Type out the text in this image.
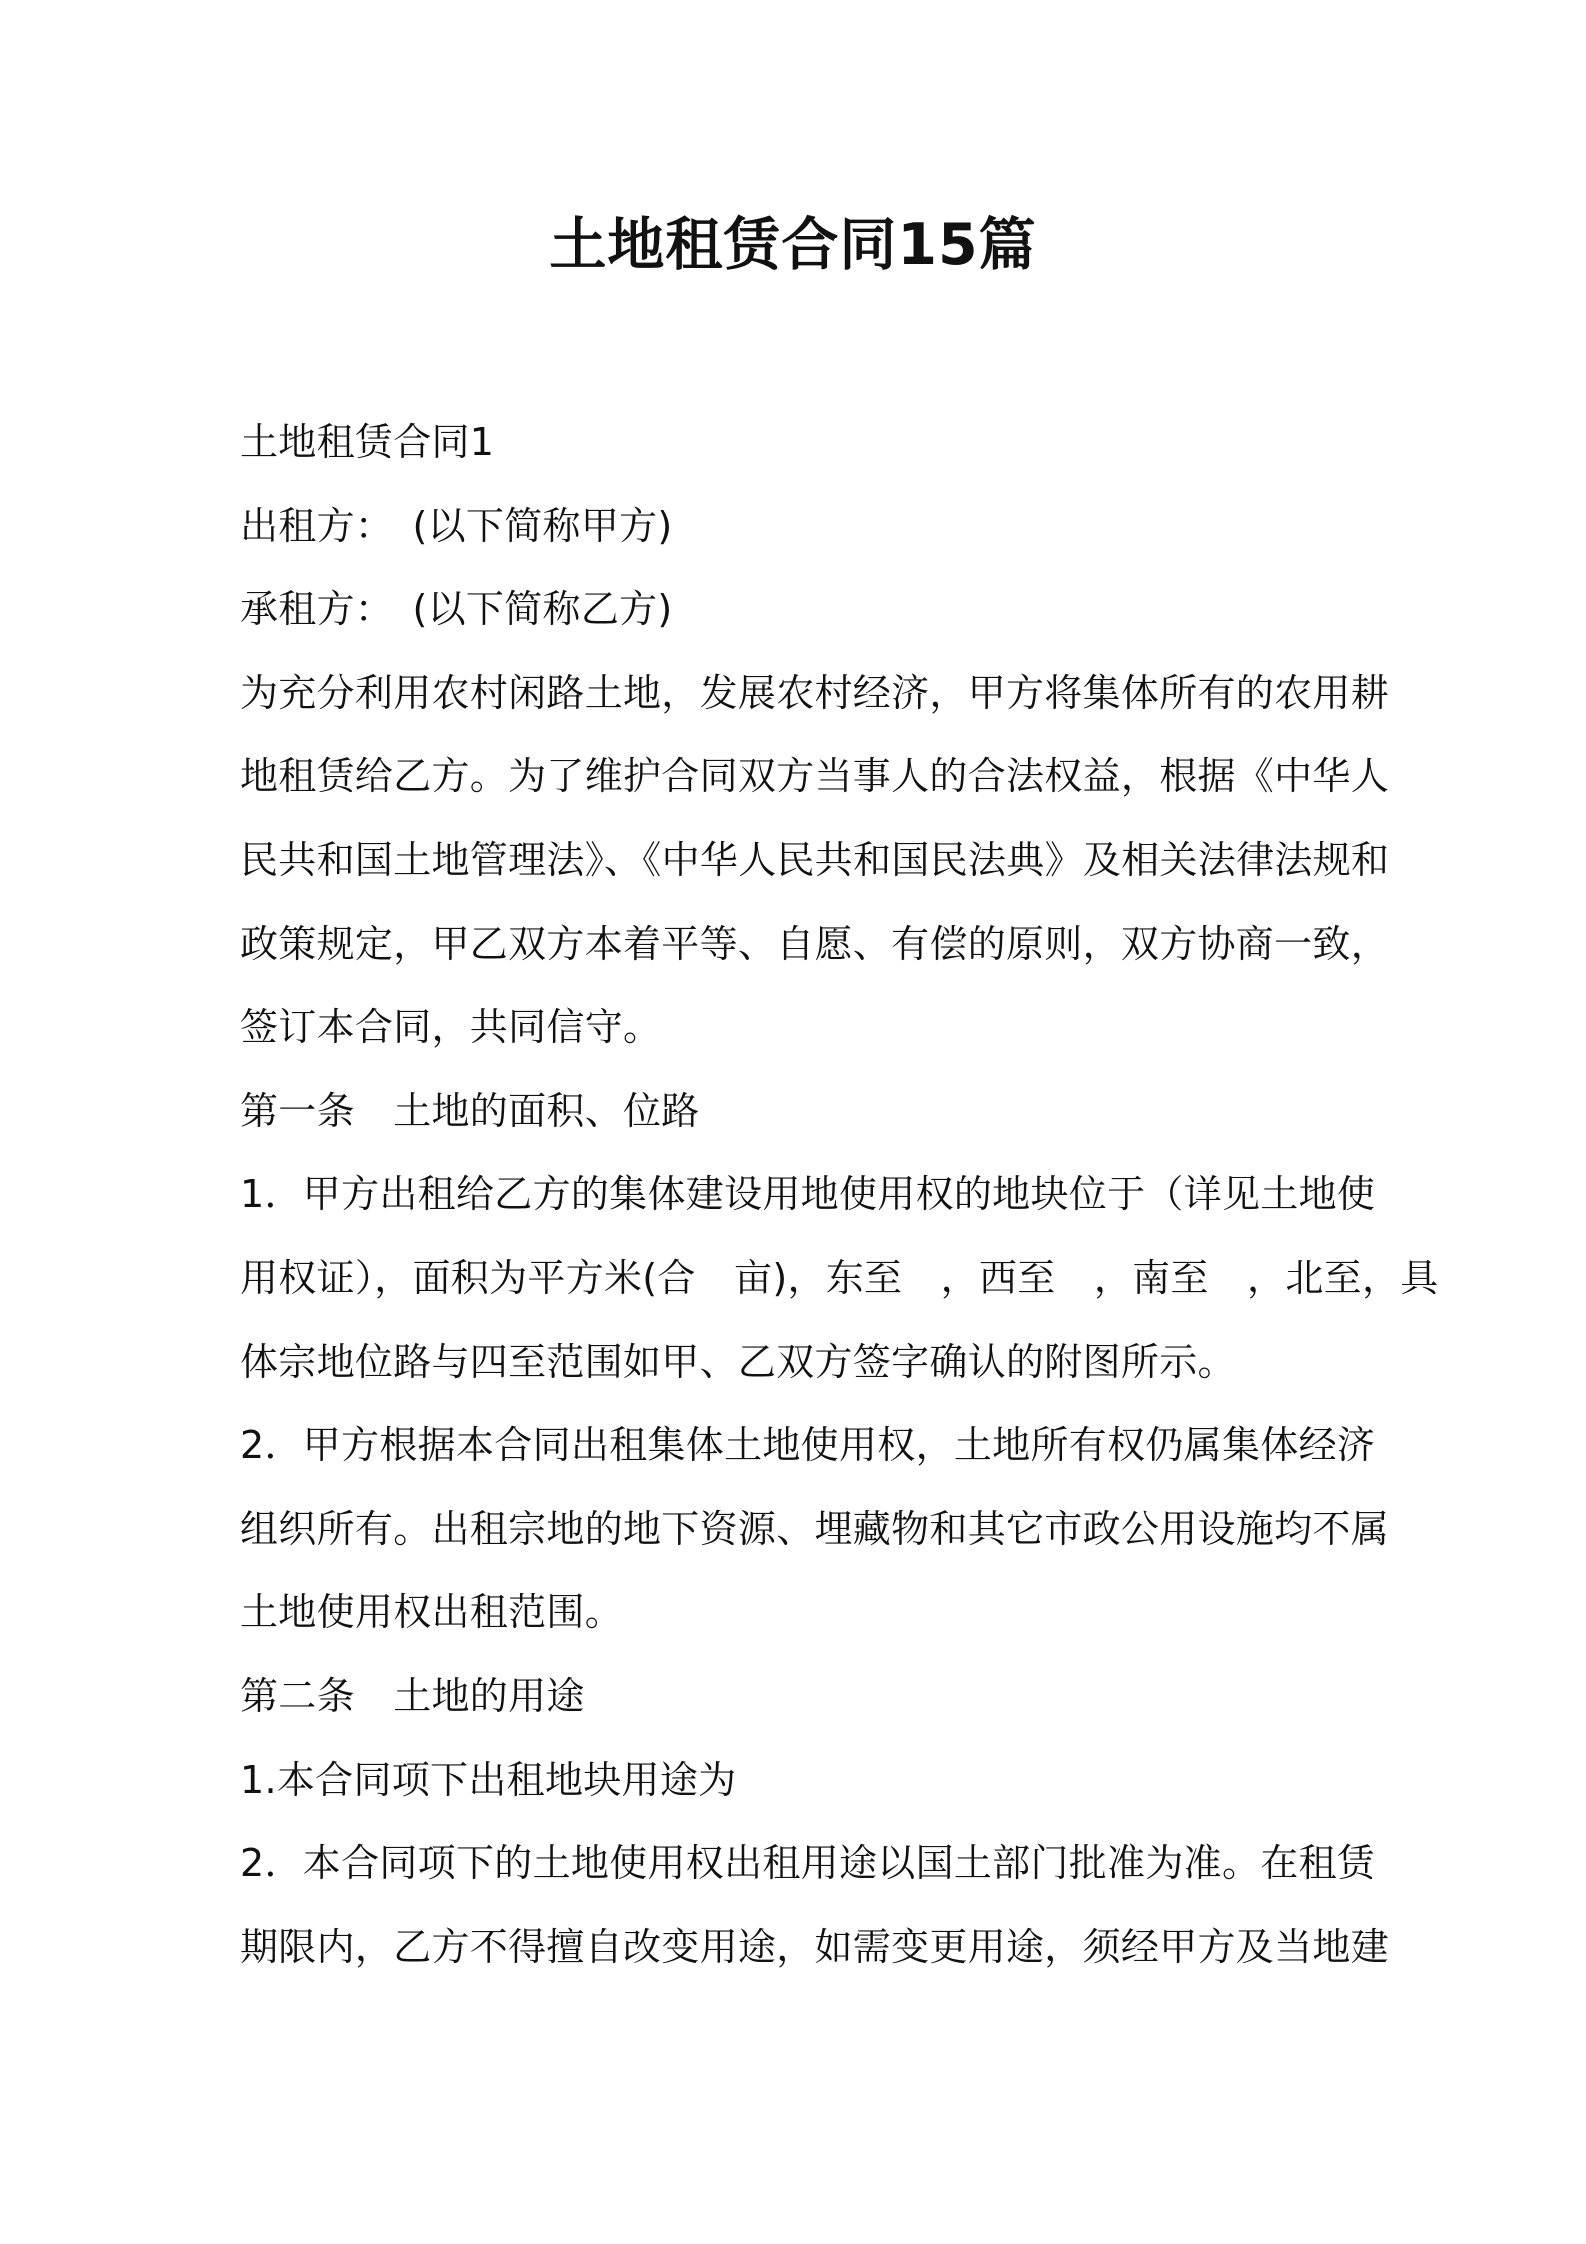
土地租赁合同15篇
土地租赁合同1
出租方：　(以下简称甲方)
承租方：　(以下简称乙方)
为充分利用农村闲路土地，发展农村经济，甲方将集体所有的农用耕
地租赁给乙方。为了维护合同双方当事人的合法权益，根据《中华人
民共和国土地管理法》、《中华人民共和国民法典》及相关法律法规和
政策规定，甲乙双方本着平等、自愿、有偿的原则，双方协商一致，
签订本合同，共同信守。
第一条　土地的面积、位路
1．甲方出租给乙方的集体建设用地使用权的地块位于（详见土地使
用权证），面积为平方米(合　亩)，东至　，西至　，南至　，北至，具
体宗地位路与四至范围如甲、乙双方签字确认的附图所示。
2．甲方根据本合同出租集体土地使用权，土地所有权仍属集体经济
组织所有。出租宗地的地下资源、埋藏物和其它市政公用设施均不属
土地使用权出租范围。
第二条　土地的用途
1.本合同项下出租地块用途为
2．本合同项下的土地使用权出租用途以国土部门批准为准。在租赁
期限内，乙方不得擅自改变用途，如需变更用途，须经甲方及当地建
